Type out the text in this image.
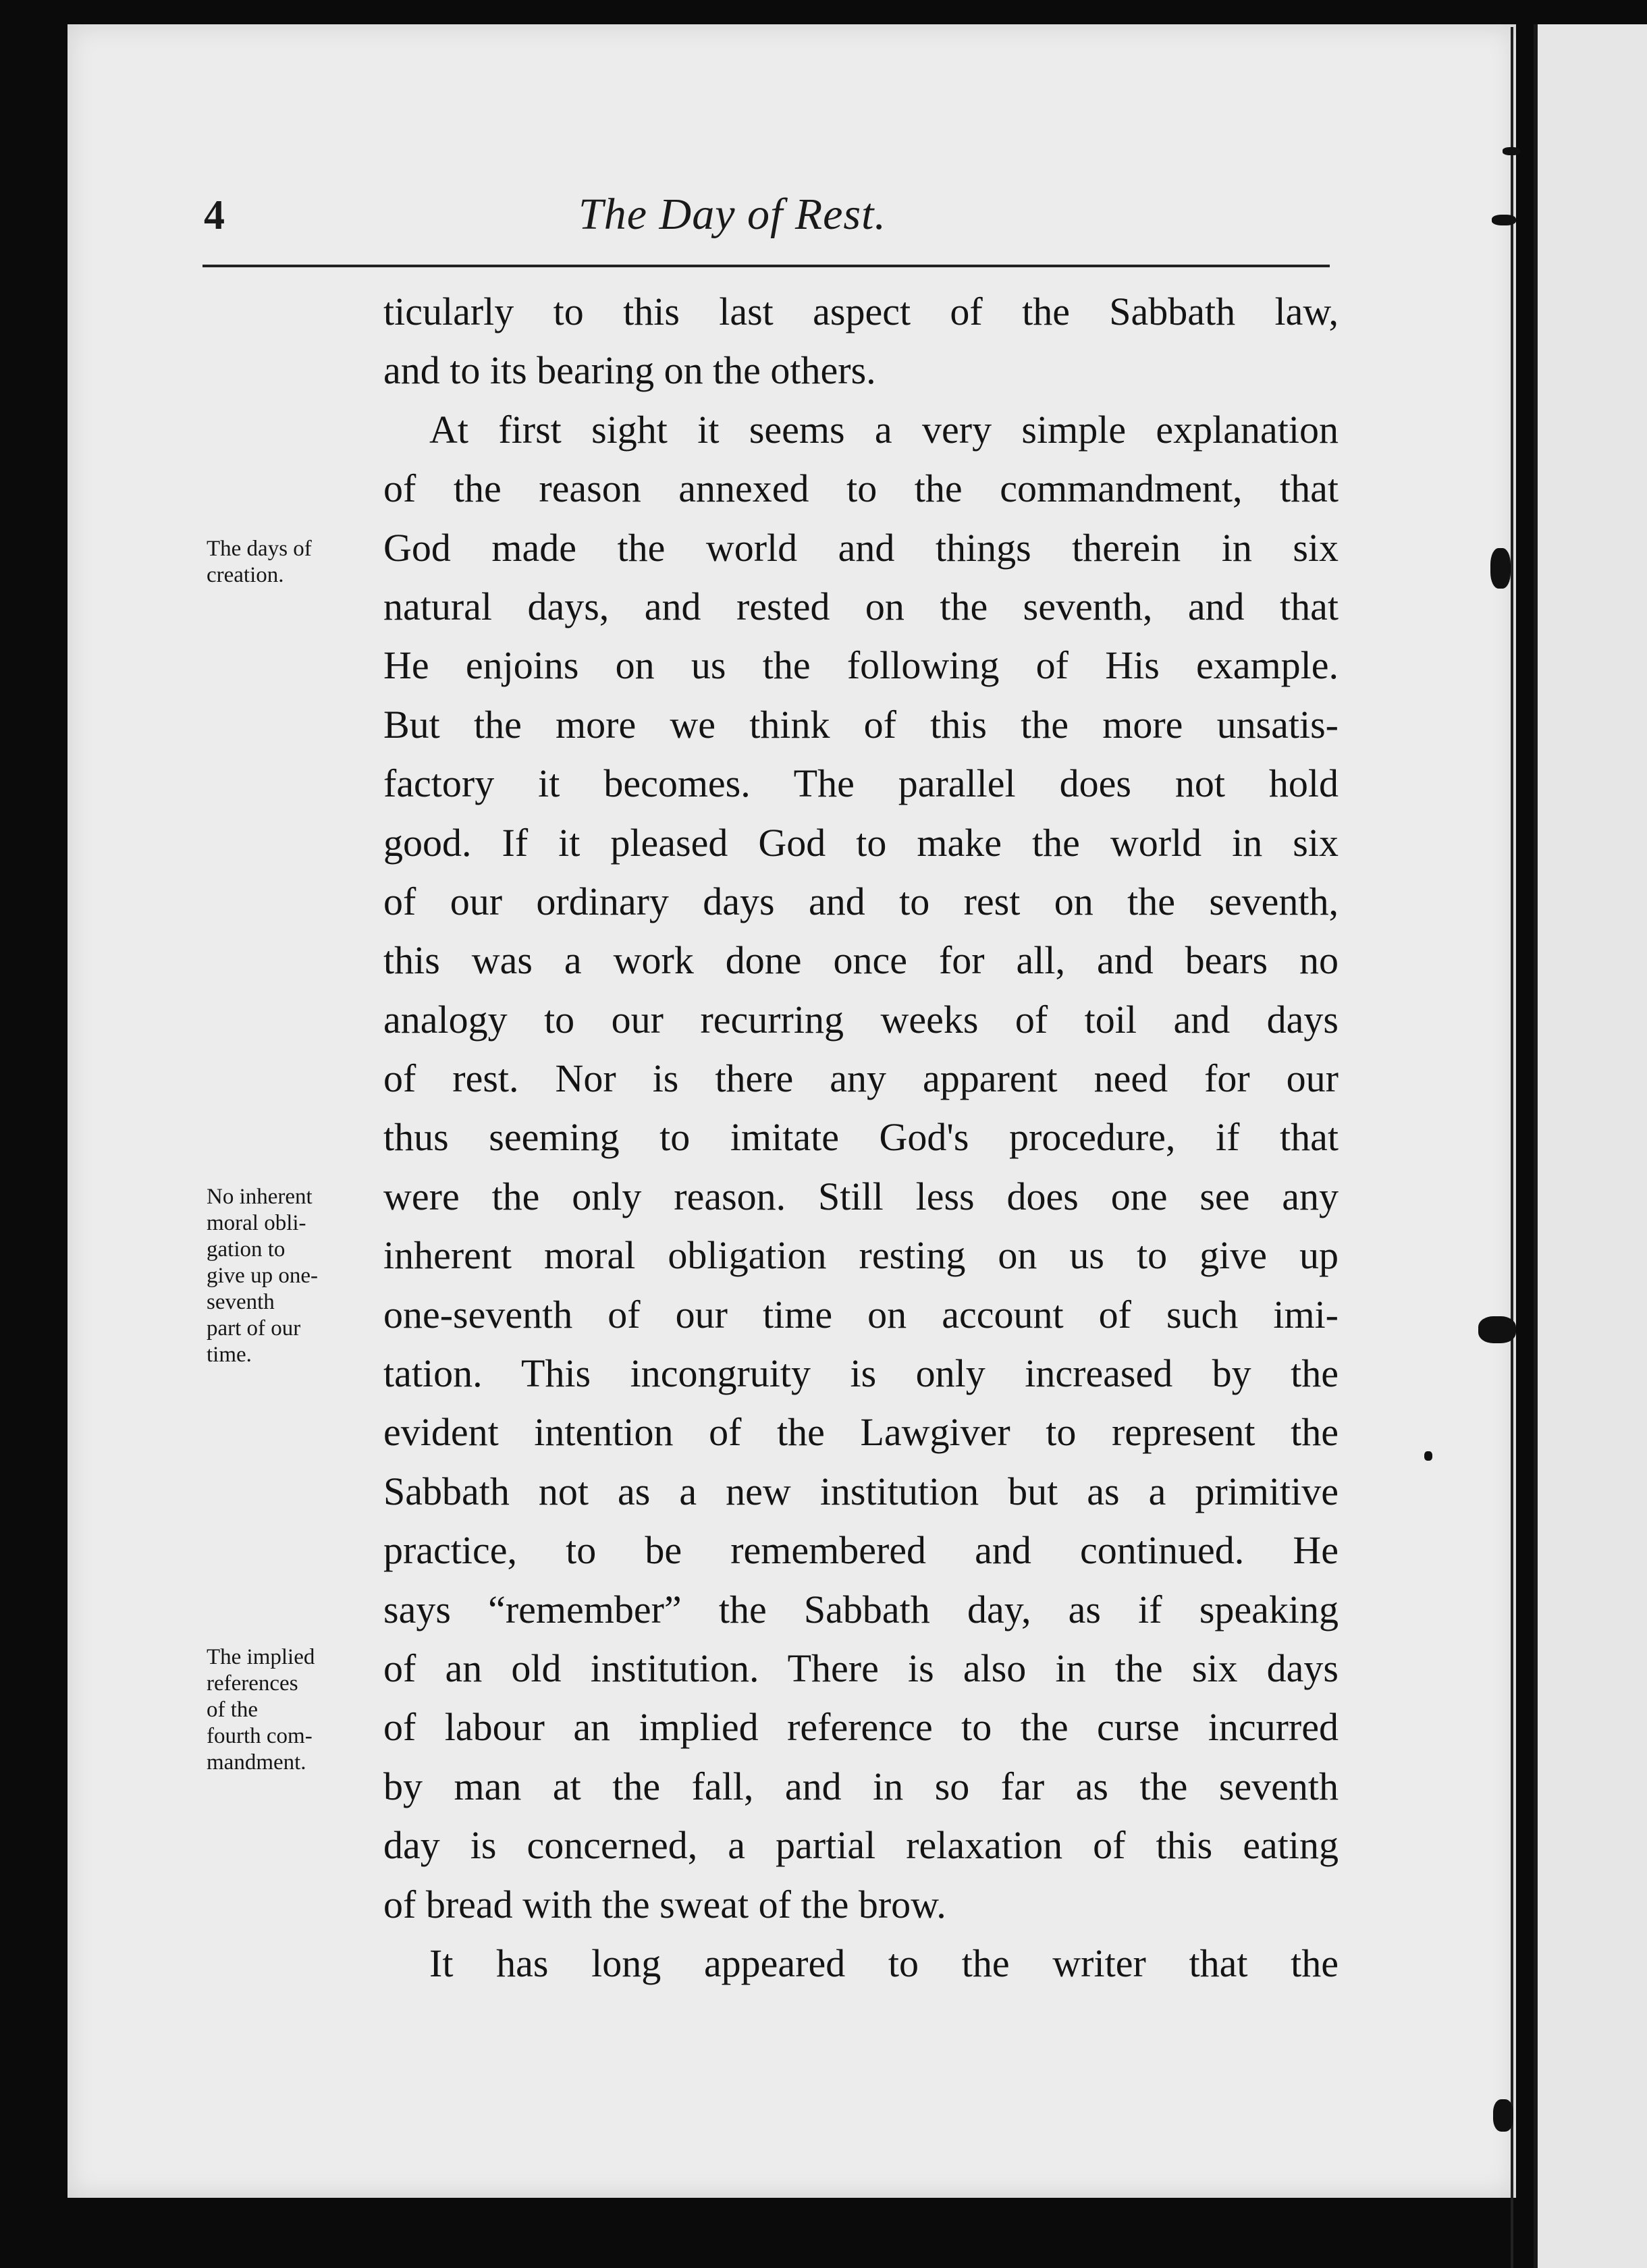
4	The Day of Rest.
ticularly to this last aspect of the Sabbath law,
and to its bearing on the others.
At first sight it seems a very simple explanation
of the reason annexed to the commandment, that
God made the world and things therein in six
natural days, and rested on the seventh, and that
He enjoins on us the following of His example.
But the more we think of this the more unsatis-
factory it becomes. The parallel does not hold
good. If it pleased God to make the world in six
of our ordinary days and to rest on the seventh,
this was a work done once for all, and bears no
analogy to our recurring weeks of toil and days
of rest. Nor is there any apparent need for our
thus seeming to imitate God's procedure, if that
were the only reason. Still less does one see any
inherent moral obligation resting on us to give up
one-seventh of our time on account of such imi-
tation. This incongruity is only increased by the
evident intention of the Lawgiver to represent the
Sabbath not as a new institution but as a primitive
practice, to be remembered and continued. He
says “remember” the Sabbath day, as if speaking
of an old institution. There is also in the six days
of labour an implied reference to the curse incurred
by man at the fall, and in so far as the seventh
day is concerned, a partial relaxation of this eating
of bread with the sweat of the brow.
It has long appeared to the writer that the
The days of
creation.
No inherent
moral obli-
gation to
give up one-
seventh
part of our
time.
The implied
references
of the
fourth com-
mandment.
